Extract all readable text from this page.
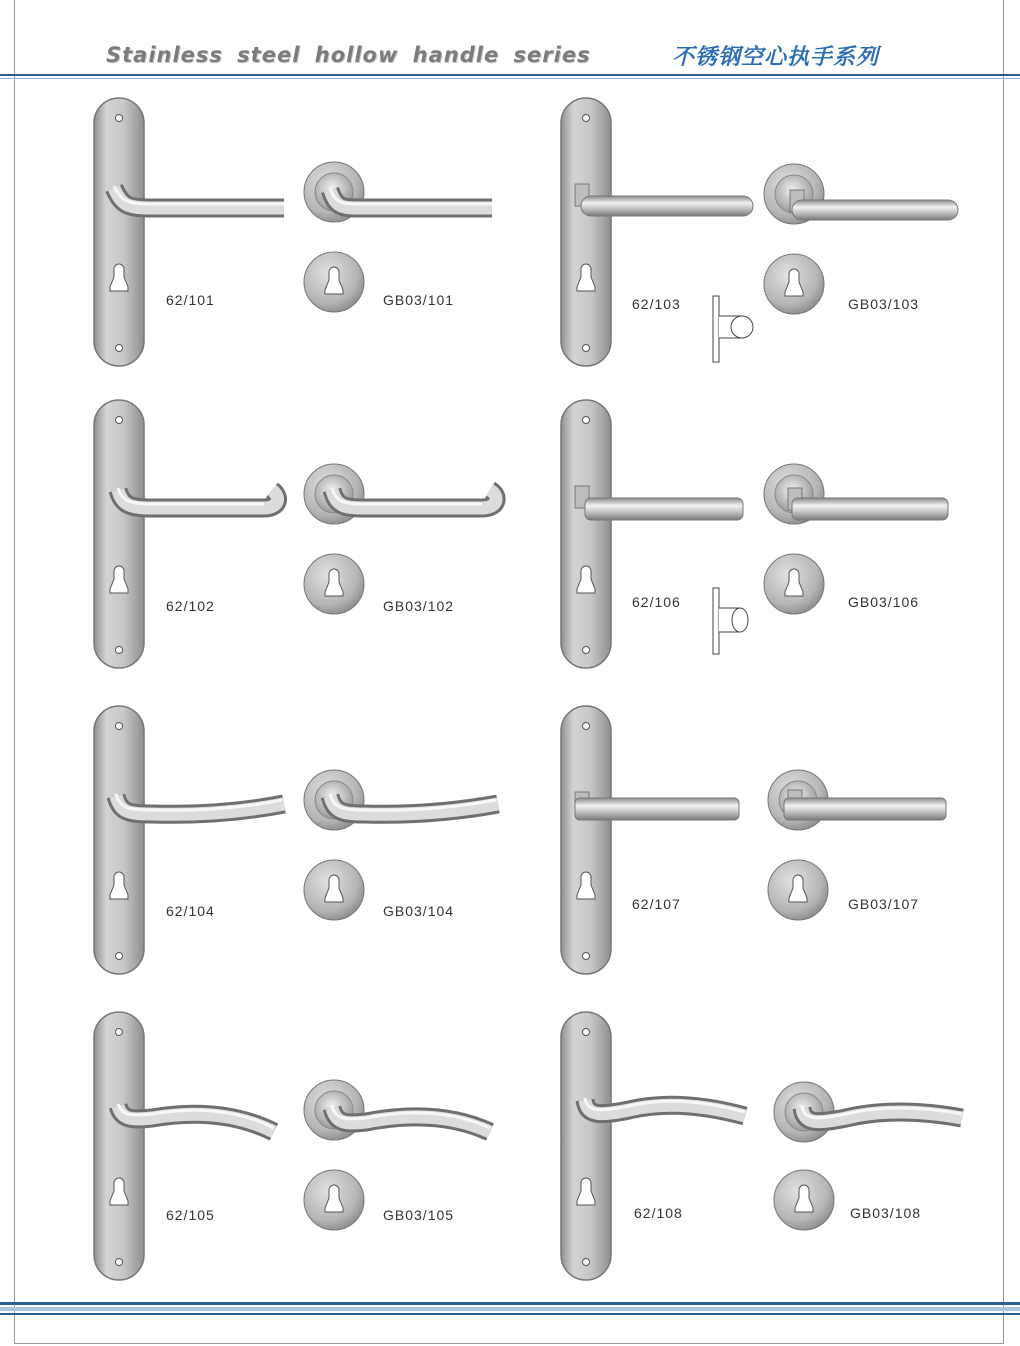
Stainless steel hollow handle series	不锈钢空心执手系列
62/101	GB03/101	62/103	GB03/103
62/102	GB03/102	62/106	GB03/106
62/104	GB03/104	62/107	GB03/107
62/105	GB03/105	62/108	GB03/108
